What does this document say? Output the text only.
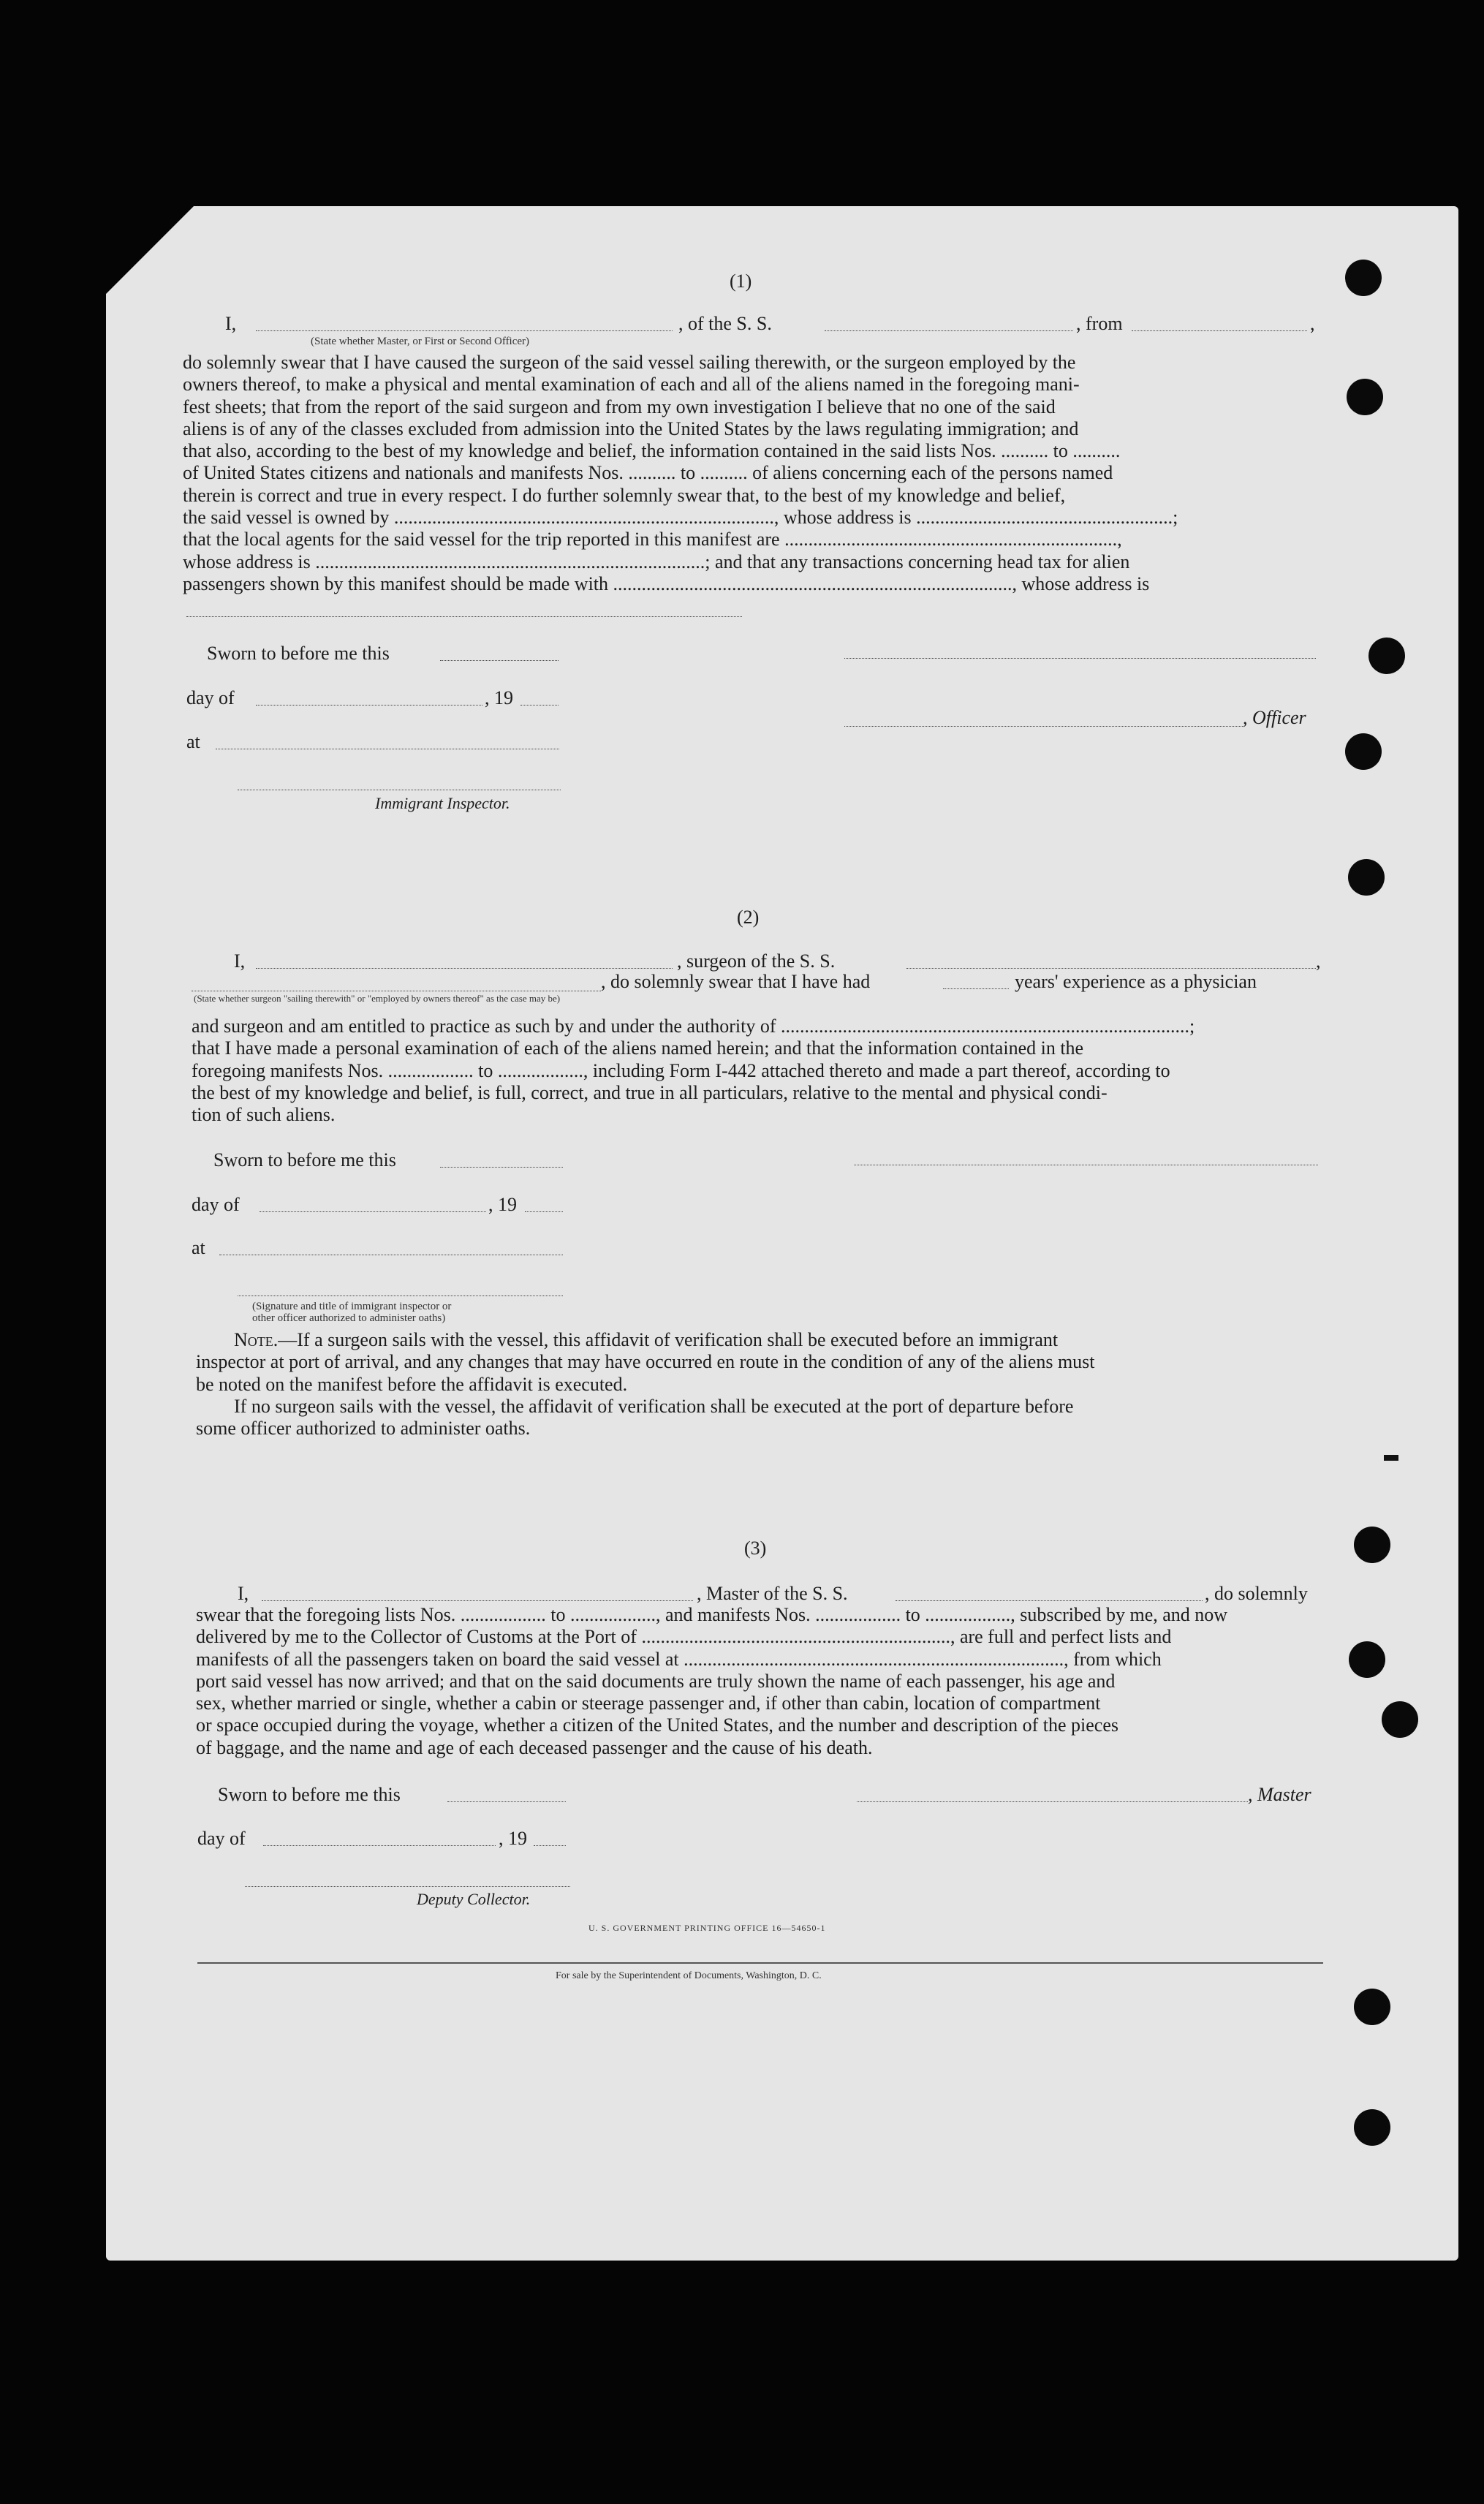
(1)
I,	, of the S. S.	, from	,
(State whether Master, or First or Second Officer)
do solemnly swear that I have caused the surgeon of the said vessel sailing therewith, or the surgeon employed by the
owners thereof, to make a physical and mental examination of each and all of the aliens named in the foregoing mani-
fest sheets; that from the report of the said surgeon and from my own investigation I believe that no one of the said
aliens is of any of the classes excluded from admission into the United States by the laws regulating immigration; and
that also, according to the best of my knowledge and belief, the information contained in the said lists Nos. .......... to ..........
of United States citizens and nationals and manifests Nos. .......... to .......... of aliens concerning each of the persons named
therein is correct and true in every respect. I do further solemnly swear that, to the best of my knowledge and belief,
the said vessel is owned by ................................................................................, whose address is ......................................................;
that the local agents for the said vessel for the trip reported in this manifest are ......................................................................,
whose address is ..................................................................................; and that any transactions concerning head tax for alien
passengers shown by this manifest should be made with ...................................................................................., whose address is
Sworn to before me this
day of	, 19
, Officer
at
Immigrant Inspector.
(2)
I,	, surgeon of the S. S.	,
, do solemnly swear that I have had	years' experience as a physician
(State whether surgeon "sailing therewith" or "employed by owners thereof" as the case may be)
and surgeon and am entitled to practice as such by and under the authority of ......................................................................................;
that I have made a personal examination of each of the aliens named herein; and that the information contained in the
foregoing manifests Nos. .................. to .................., including Form I-442 attached thereto and made a part thereof, according to
the best of my knowledge and belief, is full, correct, and true in all particulars, relative to the mental and physical condi-
tion of such aliens.
Sworn to before me this
day of	, 19
at
(Signature and title of immigrant inspector or
other officer authorized to administer oaths)
Note.—If a surgeon sails with the vessel, this affidavit of verification shall be executed before an immigrant
inspector at port of arrival, and any changes that may have occurred en route in the condition of any of the aliens must
be noted on the manifest before the affidavit is executed.
If no surgeon sails with the vessel, the affidavit of verification shall be executed at the port of departure before
some officer authorized to administer oaths.
(3)
I,	, Master of the S. S.	, do solemnly
swear that the foregoing lists Nos. .................. to .................., and manifests Nos. .................. to .................., subscribed by me, and now
delivered by me to the Collector of Customs at the Port of ................................................................., are full and perfect lists and
manifests of all the passengers taken on board the said vessel at ................................................................................, from which
port said vessel has now arrived; and that on the said documents are truly shown the name of each passenger, his age and
sex, whether married or single, whether a cabin or steerage passenger and, if other than cabin, location of compartment
or space occupied during the voyage, whether a citizen of the United States, and the number and description of the pieces
of baggage, and the name and age of each deceased passenger and the cause of his death.
Sworn to before me this	, Master
day of	, 19
Deputy Collector.
U. S. GOVERNMENT PRINTING OFFICE 16—54650-1
For sale by the Superintendent of Documents, Washington, D. C.
